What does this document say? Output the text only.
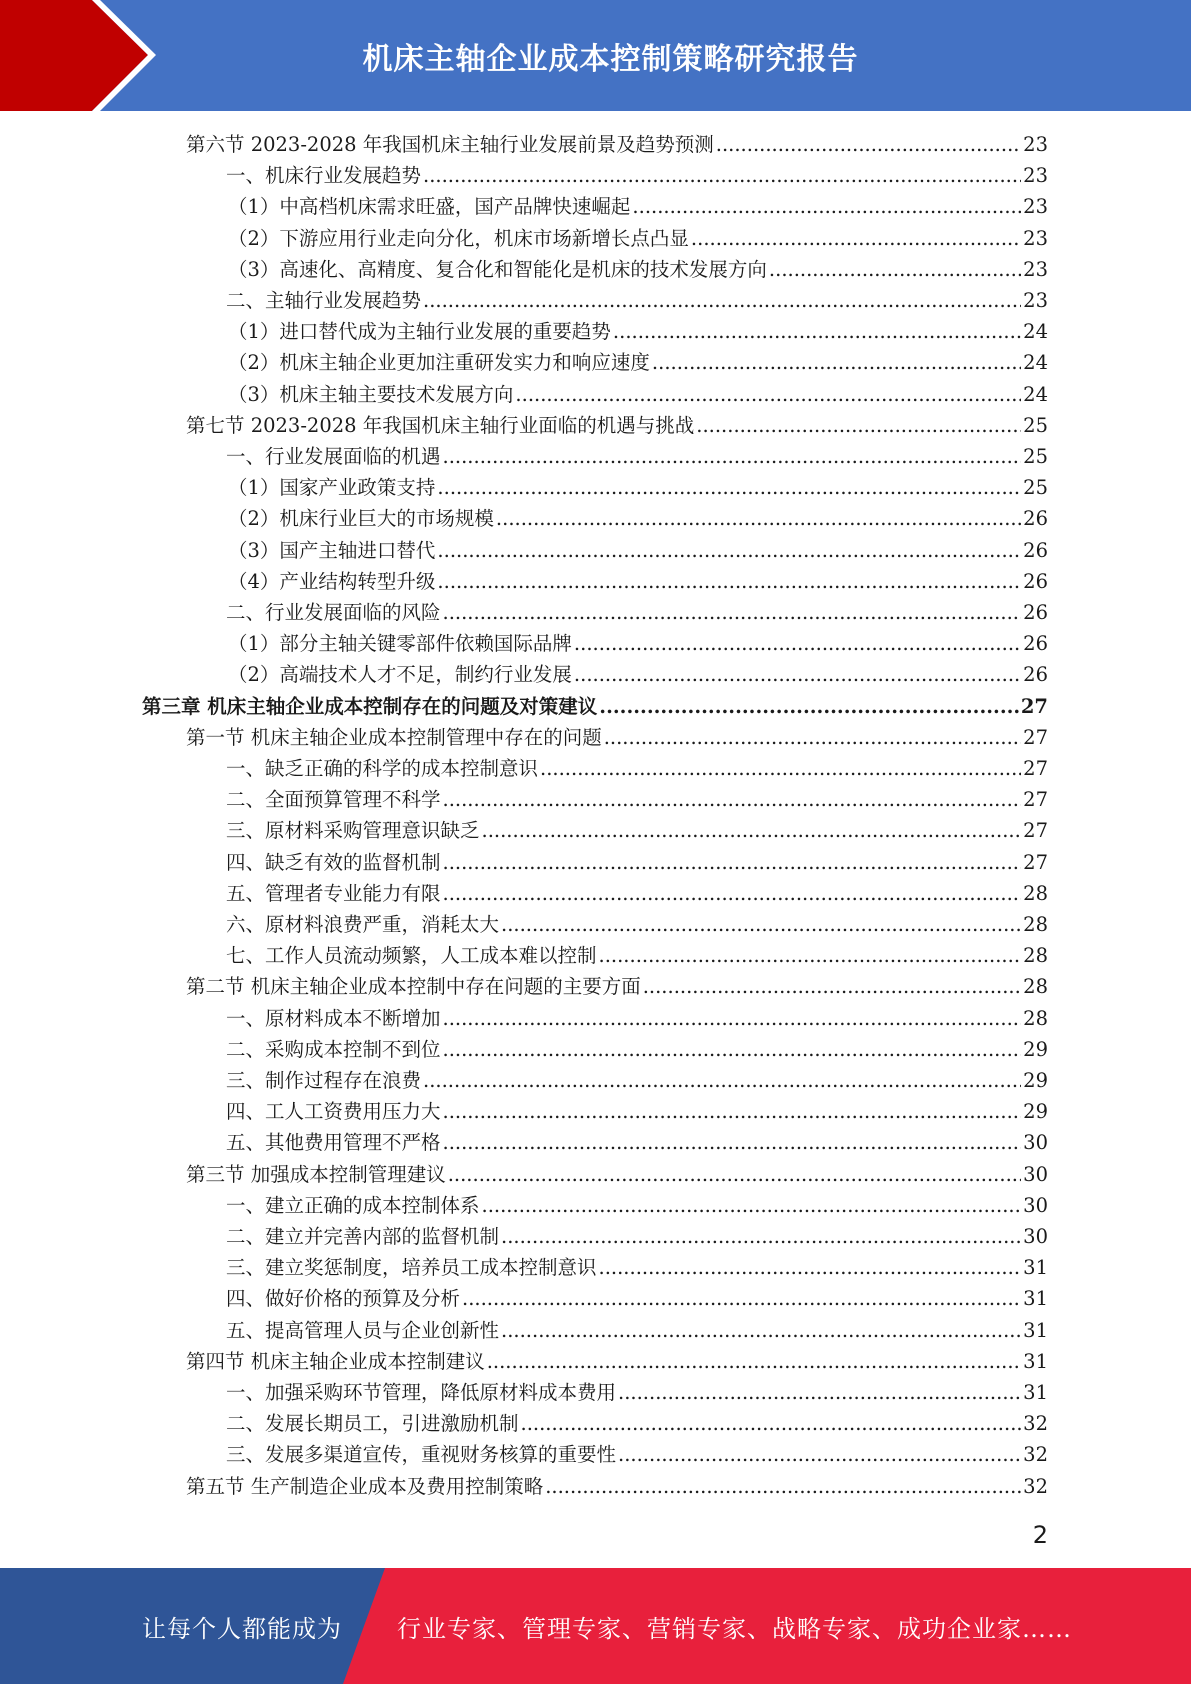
机床主轴企业成本控制策略研究报告
第六节 2023-2028 年我国机床主轴行业发展前景及趋势预测 .....	23
一、机床行业发展趋势 .....	23
（1）中高档机床需求旺盛，国产品牌快速崛起 .....	23
（2）下游应用行业走向分化，机床市场新增长点凸显 .....	23
（3）高速化、高精度、复合化和智能化是机床的技术发展方向 .....	23
二、主轴行业发展趋势 .....	23
（1）进口替代成为主轴行业发展的重要趋势 .....	24
（2）机床主轴企业更加注重研发实力和响应速度 .....	24
（3）机床主轴主要技术发展方向 .....	24
第七节 2023-2028 年我国机床主轴行业面临的机遇与挑战 .....	25
一、行业发展面临的机遇 .....	25
（1）国家产业政策支持 .....	25
（2）机床行业巨大的市场规模 .....	26
（3）国产主轴进口替代 .....	26
（4）产业结构转型升级 .....	26
二、行业发展面临的风险 .....	26
（1）部分主轴关键零部件依赖国际品牌 .....	26
（2）高端技术人才不足，制约行业发展 .....	26
第三章 机床主轴企业成本控制存在的问题及对策建议 .....	27
第一节 机床主轴企业成本控制管理中存在的问题 .....	27
一、缺乏正确的科学的成本控制意识 .....	27
二、全面预算管理不科学 .....	27
三、原材料采购管理意识缺乏 .....	27
四、缺乏有效的监督机制 .....	27
五、管理者专业能力有限 .....	28
六、原材料浪费严重，消耗太大 .....	28
七、工作人员流动频繁，人工成本难以控制 .....	28
第二节 机床主轴企业成本控制中存在问题的主要方面 .....	28
一、原材料成本不断增加 .....	28
二、采购成本控制不到位 .....	29
三、制作过程存在浪费 .....	29
四、工人工资费用压力大 .....	29
五、其他费用管理不严格 .....	30
第三节 加强成本控制管理建议 .....	30
一、建立正确的成本控制体系 .....	30
二、建立并完善内部的监督机制 .....	30
三、建立奖惩制度，培养员工成本控制意识 .....	31
四、做好价格的预算及分析 .....	31
五、提高管理人员与企业创新性 .....	31
第四节 机床主轴企业成本控制建议 .....	31
一、加强采购环节管理，降低原材料成本费用 .....	31
二、发展长期员工，引进激励机制 .....	32
三、发展多渠道宣传，重视财务核算的重要性 .....	32
第五节 生产制造企业成本及费用控制策略 .....	32
2
让每个人都能成为 行业专家、管理专家、营销专家、战略专家、成功企业家……
